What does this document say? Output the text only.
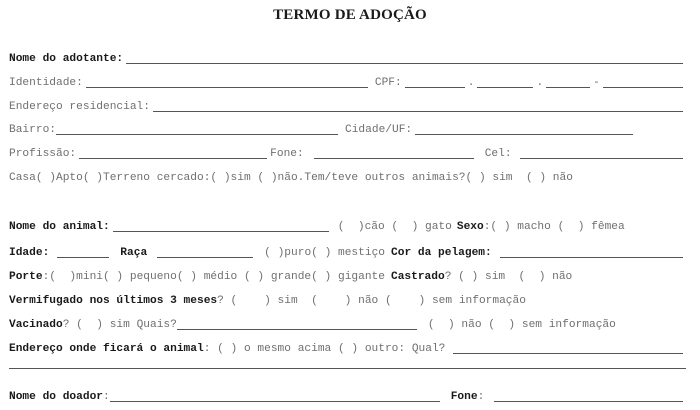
TERMO DE ADOÇÃO
Nome do adotante:
Identidade:	CPF:	.	.	-
Endereço residencial:
Bairro:	Cidade/UF:
Profissão:	Fone:	Cel:
Casa( )Apto( )Terreno cercado:( )sim ( )não.Tem/teve outros animais?( ) sim  ( ) não
Nome do animal:	(  )cão (  ) gato Sexo :( ) macho (  ) fêmea
Idade:	Raça	( )puro( ) mestiço Cor da pelagem:
Porte :(  )mini( ) pequeno( ) médio ( ) grande( ) gigante Castrado ? ( ) sim  (  ) não
Vermifugado nos últimos 3 meses ? (    ) sim  (    ) não (    ) sem informação
Vacinado ? (  ) sim Quais?	(  ) não (  ) sem informação
Endereço onde ficará o animal : ( ) o mesmo acima ( ) outro: Qual?
Nome do doador :	Fone :
